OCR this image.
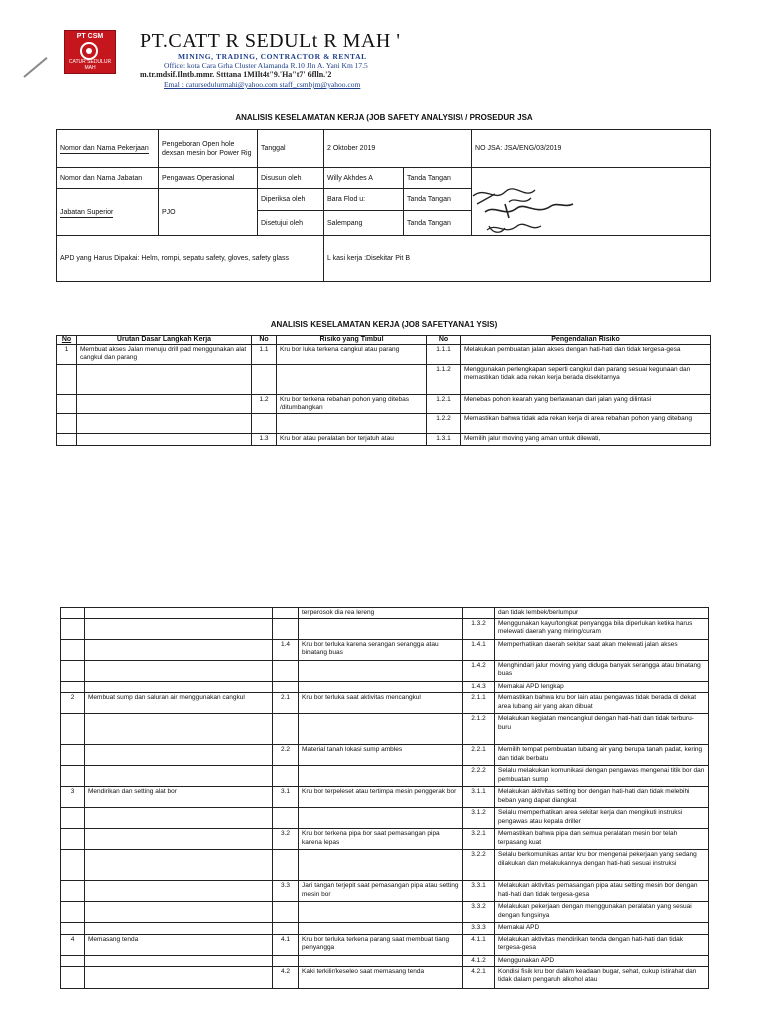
PT CSM
CATUR SEDULUR MAH
PT.CATT R SEDULt R MAH '
MINING, TRADING, CONTRACTOR & RENTAL
Office: kota Cara Grha Cluster Alamanda R.10 Jln A. Yani Km 17.5
m.tr.mdsif.Ilntb.mmr. Stttana 1MIlt4t"9.'Ha"t7' 6flln.'2
Emal : catursedulurmahi@yahoo.com staff_csmbjm@yahoo.com
ANALISIS KESELAMATAN KERJA (JOB SAFETY ANALYSIS\ / PROSEDUR JSA
Nomor dan Nama Pekerjaan	Pengeboran Open hole dexsan mesin bor Power Rig	Tanggal	2 Oktober 2019		NO JSA: JSA/ENG/03/2019
Nomor dan Nama Jabatan	Pengawas Operasional	Disusun oleh	Willy Akhdes A	Tanda Tangan	
Jabatan Superior	PJO	Diperiksa oleh	Bara Flod u:	Tanda Tangan	
		Disetujui oleh	Salempang	Tanda Tangan	
APD yang Harus Dipakai: Helm, rompi, sepatu safety, gloves, safety glass			L kasi kerja :Disekitar Pit B		
ANALISIS KESELAMATAN KERJA (JO8 SAFETYANA1 YSIS)
No	Urutan Dasar Langkah Kerja	No	Risiko yang Timbul	No	Pengendalian Risiko
1	Membuat akses Jalan menuju drill pad menggunakan alat cangkul dan parang	1.1	Kru bor luka terkena cangkul atau parang	1.1.1	Melakukan pembuatan jalan akses dengan hati-hati dan tidak tergesa-gesa
				1.1.2	Menggunakan perlengkapan seperti cangkul dan parang sesuai kegunaan dan memastikan tidak ada rekan kerja berada disekitarnya
		1.2	Kru bor terkena rebahan pohon yang ditebas /ditumbangkan	1.2.1	Menebas pohon kearah yang berlawanan dari jalan yang dilintasi
				1.2.2	Memastikan bahwa tidak ada rekan kerja di area rebahan pohon yang ditebang
		1.3	Kru bor atau peralatan bor terjatuh atau	1.3.1	Memilih jalur moving yang aman untuk dilewati,
			terperosok dia rea lereng		dan tidak lembek/berlumpur
				1.3.2	Menggunakan kayu/tongkat penyangga bila diperlukan ketika harus melewati daerah yang miring/curam
		1.4	Kru bor terluka karena serangan serangga atau binatang buas	1.4.1	Memperhatikan daerah sekitar saat akan melewati jalan akses
				1.4.2	Menghindari jalur moving yang diduga banyak serangga atau binatang buas
				1.4.3	Memakai APD lengkap
2	Membuat sump dan saluran air menggunakan cangkul	2.1	Kru bor terluka saat aktivitas mencangkul	2.1.1	Memastikan bahwa kru bor lain atau pengawas tidak berada di dekat area lubang air yang akan dibuat
				2.1.2	Melakukan kegiatan mencangkul dengan hati-hati dan tidak terburu-buru
		2.2	Material tanah lokasi sump ambles	2.2.1	Memilih tempat pembuatan lubang air yang berupa tanah padat, kering dan tidak berbatu
				2.2.2	Selalu melakukan komunikasi dengan pengawas mengenai titik bor dan pembuatan sump
3	Mendirikan dan setting alat bor	3.1	Kru bor terpeleset atau tertimpa mesin penggerak bor	3.1.1	Melakukan aktivitas setting bor dengan hati-hati dan tidak melebihi beban yang dapat diangkat
				3.1.2	Selalu memperhatikan area sekitar kerja dan mengikuti instruksi pengawas atau kepala driller
		3.2	Kru bor terkena pipa bor saat pemasangan pipa karena lepas	3.2.1	Memastikan bahwa pipa dan semua peralatan mesin bor telah terpasang kuat
				3.2.2	Selalu berkomunikas antar kru bor mengenai pekerjaan yang sedang dilakukan dan melakukannya dengan hati-hati sesuai instruksi
		3.3	Jari tangan terjepit saat pemasangan pipa atau setting mesin bor	3.3.1	Melakukan aktivitas pemasangan pipa atau setting mesin bor dengan hati-hati dan tidak tergesa-gesa
				3.3.2	Melakukan pekerjaan dengan menggunakan peralatan yang sesuai dengan fungsinya
				3.3.3	Memakai APD
4	Memasang tenda	4.1	Kru bor terluka terkena parang saat membuat tiang penyangga	4.1.1	Melakukan aktivitas mendirikan tenda dengan hati-hati dan tidak tergesa-gesa
				4.1.2	Menggunakan APD
		4.2	Kaki terkilir/keseleo saat memasang tenda	4.2.1	Kondisi fisik kru bor dalam keadaan bugar, sehat, cukup istirahat dan tidak dalam pengaruh alkohol atau
